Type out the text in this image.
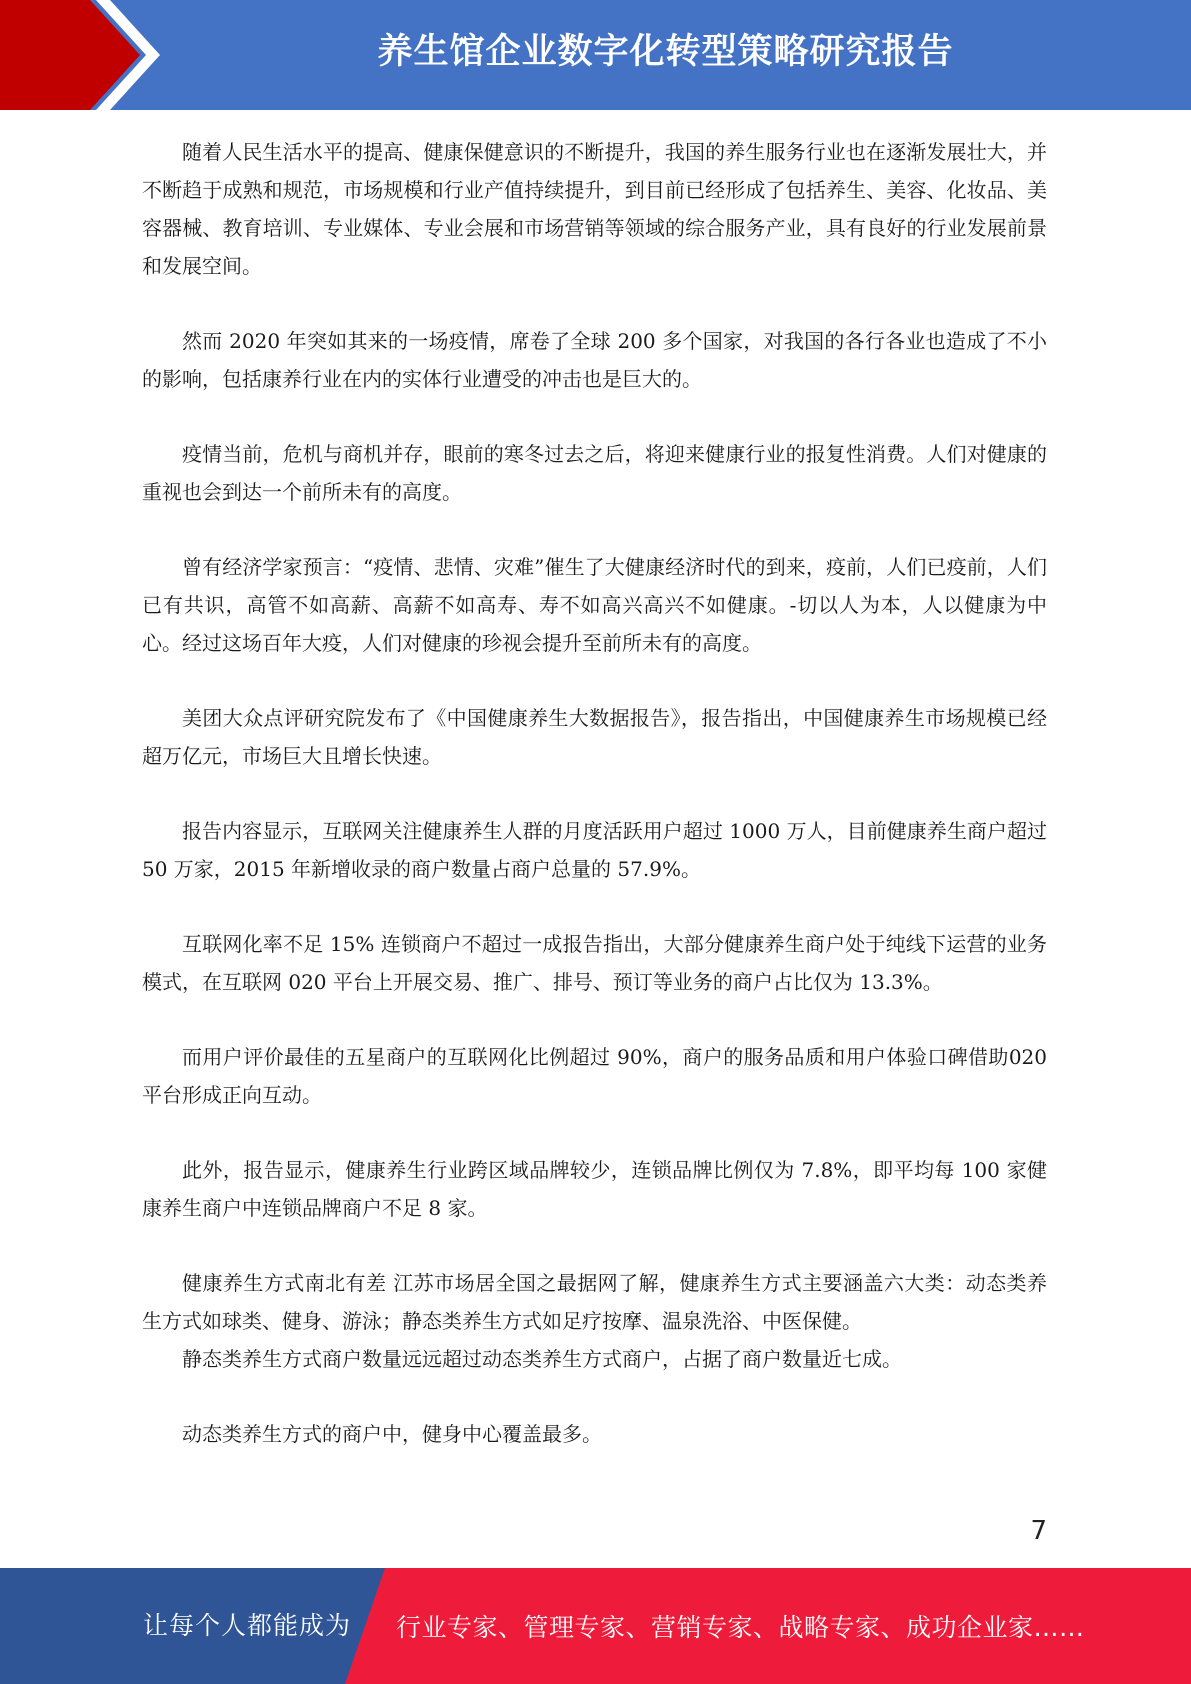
养生馆企业数字化转型策略研究报告

随着人民生活水平的提高、健康保健意识的不断提升，我国的养生服务行业也在逐渐发展壮大，并不断趋于成熟和规范，市场规模和行业产值持续提升，到目前已经形成了包括养生、美容、化妆品、美容器械、教育培训、专业媒体、专业会展和市场营销等领域的综合服务产业，具有良好的行业发展前景和发展空间。

然而 2020 年突如其来的一场疫情，席卷了全球 200 多个国家，对我国的各行各业也造成了不小的影响，包括康养行业在内的实体行业遭受的冲击也是巨大的。

疫情当前，危机与商机并存，眼前的寒冬过去之后，将迎来健康行业的报复性消费。人们对健康的重视也会到达一个前所未有的高度。

曾有经济学家预言：“疫情、悲情、灾难”催生了大健康经济时代的到来，疫前，人们已疫前，人们已有共识，高管不如高薪、高薪不如高寿、寿不如高兴高兴不如健康。-切以人为本，人以健康为中心。经过这场百年大疫，人们对健康的珍视会提升至前所未有的高度。

美团大众点评研究院发布了《中国健康养生大数据报告》，报告指出，中国健康养生市场规模已经超万亿元，市场巨大且增长快速。

报告内容显示，互联网关注健康养生人群的月度活跃用户超过 1000 万人，目前健康养生商户超过 50 万家，2015 年新增收录的商户数量占商户总量的 57.9%。

互联网化率不足 15% 连锁商户不超过一成报告指出，大部分健康养生商户处于纯线下运营的业务模式，在互联网 020 平台上开展交易、推广、排号、预订等业务的商户占比仅为 13.3%。

而用户评价最佳的五星商户的互联网化比例超过 90%，商户的服务品质和用户体验口碑借助020 平台形成正向互动。

此外，报告显示，健康养生行业跨区域品牌较少，连锁品牌比例仅为 7.8%，即平均每 100 家健康养生商户中连锁品牌商户不足 8 家。

健康养生方式南北有差 江苏市场居全国之最据网了解，健康养生方式主要涵盖六大类：动态类养生方式如球类、健身、游泳；静态类养生方式如足疗按摩、温泉洗浴、中医保健。

静态类养生方式商户数量远远超过动态类养生方式商户，占据了商户数量近七成。

动态类养生方式的商户中，健身中心覆盖最多。

7
让每个人都能成为 行业专家、管理专家、营销专家、战略专家、成功企业家……
